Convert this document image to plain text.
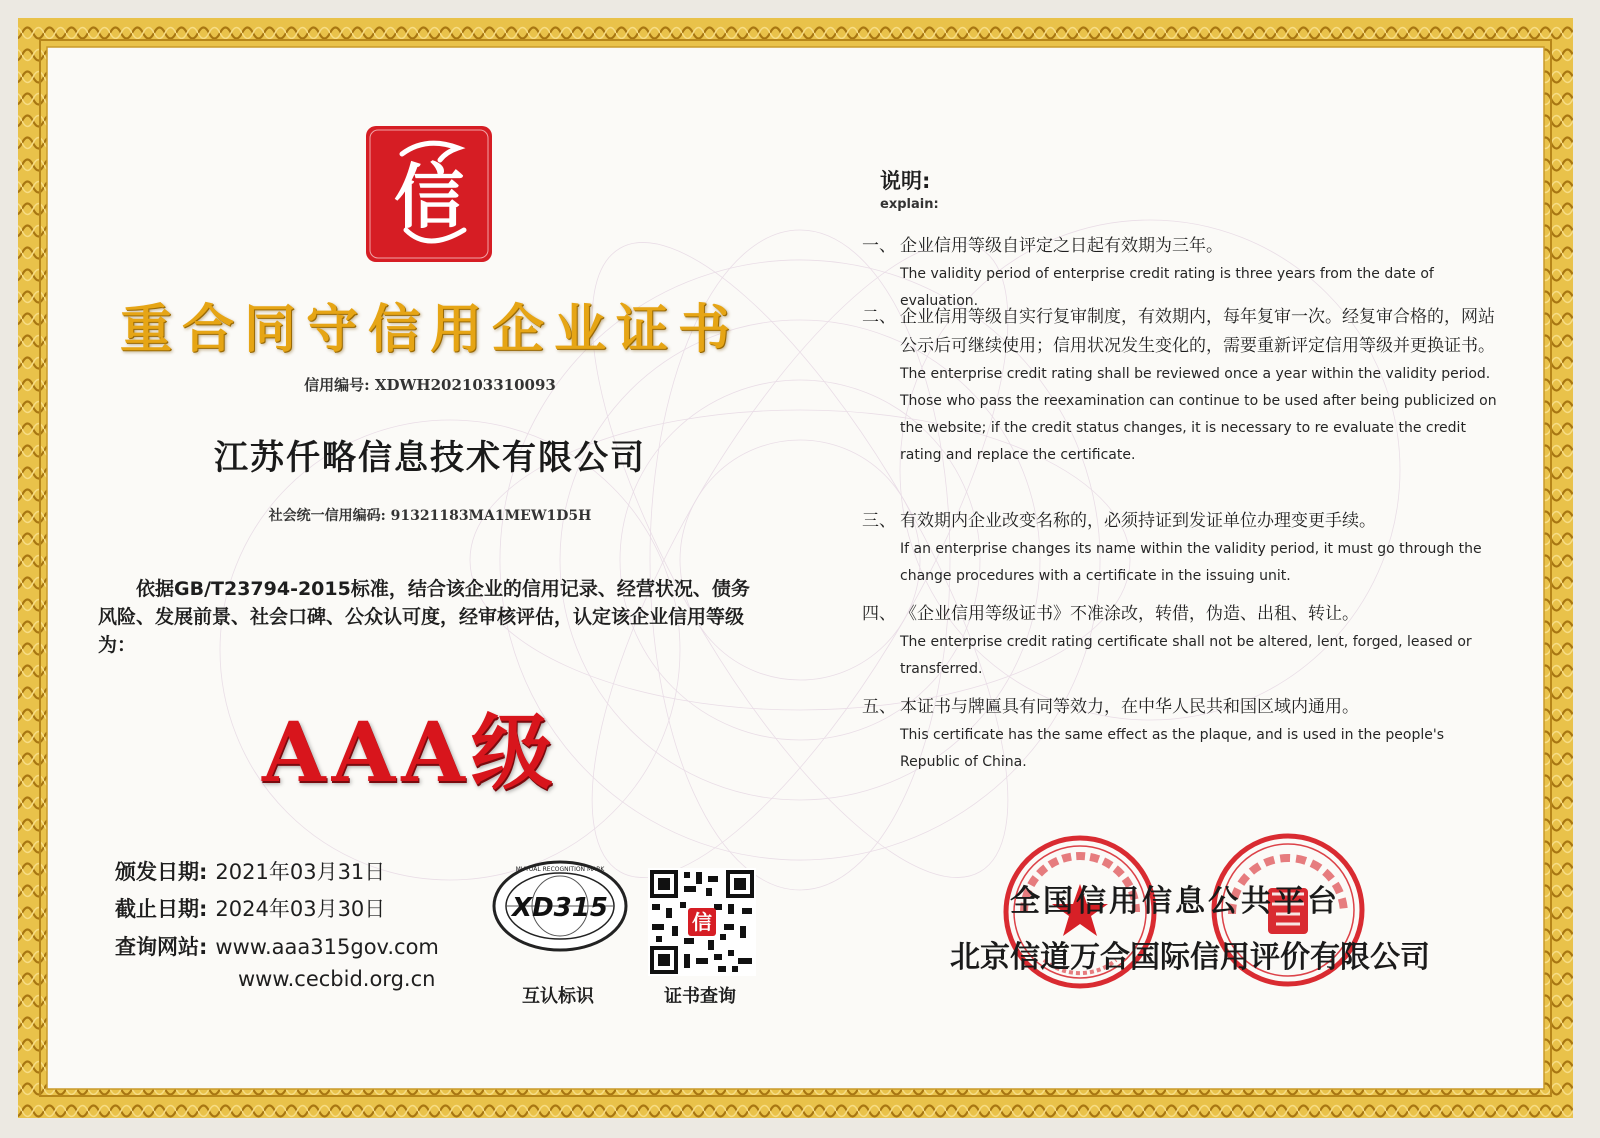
信
重合同守信用企业证书
信用编号: XDWH202103310093
江苏仟略信息技术有限公司
社会统一信用编码: 91321183MA1MEW1D5H
依据GB/T23794-2015标准，结合该企业的信用记录、经营状况、债务风险、发展前景、社会口碑、公众认可度，经审核评估，认定该企业信用等级为：
AAA级
颁发日期: 2021年03月31日
截止日期: 2024年03月30日
查询网站: www.aaa315gov.com
www.cecbid.org.cn
XD315
MUTUAL RECOGNITION MARK
互认标识
信
证书查询
说明:
explain:
一、 企业信用等级自评定之日起有效期为三年。
The validity period of enterprise credit rating is three years from the date of evaluation.
二、 企业信用等级自实行复审制度，有效期内，每年复审一次。经复审合格的，网站公示后可继续使用；信用状况发生变化的，需要重新评定信用等级并更换证书。
The enterprise credit rating shall be reviewed once a year within the validity period. Those who pass the reexamination can continue to be used after being publicized on the website; if the credit status changes, it is necessary to re evaluate the credit rating and replace the certificate.
三、 有效期内企业改变名称的，必须持证到发证单位办理变更手续。
If an enterprise changes its name within the validity period, it must go through the change procedures with a certificate in the issuing unit.
四、 《企业信用等级证书》不准涂改，转借，伪造、出租、转让。
The enterprise credit rating certificate shall not be altered, lent, forged, leased or transferred.
五、 本证书与牌匾具有同等效力，在中华人民共和国区域内通用。
This certificate has the same effect as the plaque, and is used in the people's Republic of China.
全国信用信息公共平台
北京信道万合国际信用评价有限公司
